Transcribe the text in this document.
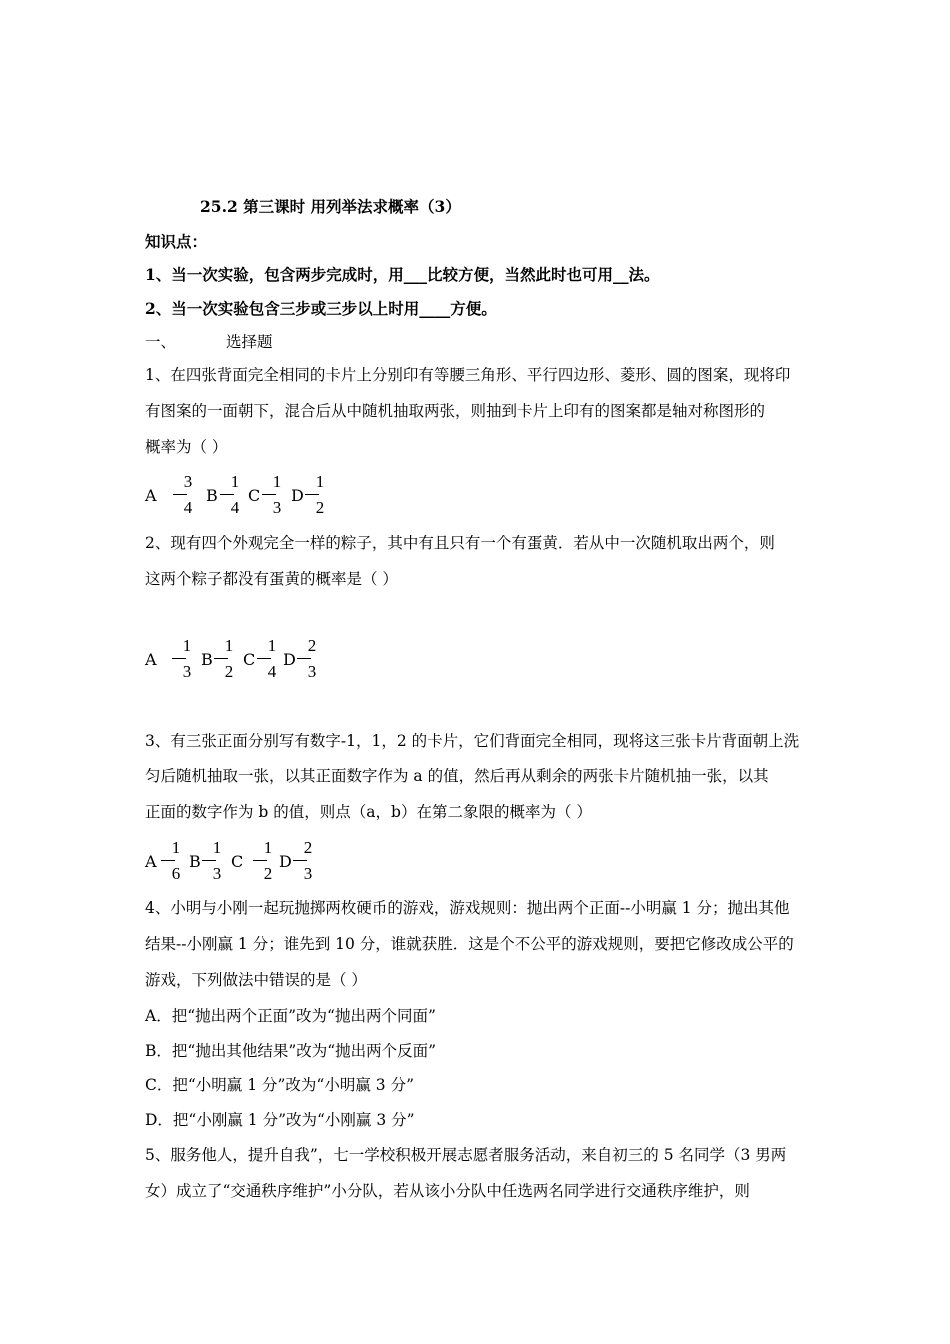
25.2 第三课时 用列举法求概率（3）
知识点：
1、当一次实验，包含两步完成时，用___比较方便，当然此时也可用__法。
2、当一次实验包含三步或三步以上时用____方便。
一、	选择题
1、在四张背面完全相同的卡片上分别印有等腰三角形、平行四边形、菱形、圆的图案，现将印
有图案的一面朝下，混合后从中随机抽取两张，则抽到卡片上印有的图案都是轴对称图形的
概率为（ ）
A
3
4
B
1
4
C
1
3
D
1
2
2、现有四个外观完全一样的粽子，其中有且只有一个有蛋黄．若从中一次随机取出两个，则
这两个粽子都没有蛋黄的概率是（ ）
A
1
3
B
1
2
C
1
4
D
2
3
3、有三张正面分别写有数字-1，1，2 的卡片，它们背面完全相同，现将这三张卡片背面朝上洗
匀后随机抽取一张，以其正面数字作为 a 的值，然后再从剩余的两张卡片随机抽一张，以其
正面的数字作为 b 的值，则点（a，b）在第二象限的概率为（ ）
A
1
6
B
1
3
C
1
2
D
2
3
4、小明与小刚一起玩抛掷两枚硬币的游戏，游戏规则：抛出两个正面--小明赢 1 分；抛出其他
结果--小刚赢 1 分；谁先到 10 分，谁就获胜．这是个不公平的游戏规则，要把它修改成公平的
游戏，下列做法中错误的是（ ）
A．把“抛出两个正面”改为“抛出两个同面”
B．把“抛出其他结果”改为“抛出两个反面”
C．把“小明赢 1 分”改为“小明赢 3 分”
D．把“小刚赢 1 分”改为“小刚赢 3 分”
5、服务他人，提升自我”，七一学校积极开展志愿者服务活动，来自初三的 5 名同学（3 男两
女）成立了“交通秩序维护”小分队，若从该小分队中任选两名同学进行交通秩序维护，则
